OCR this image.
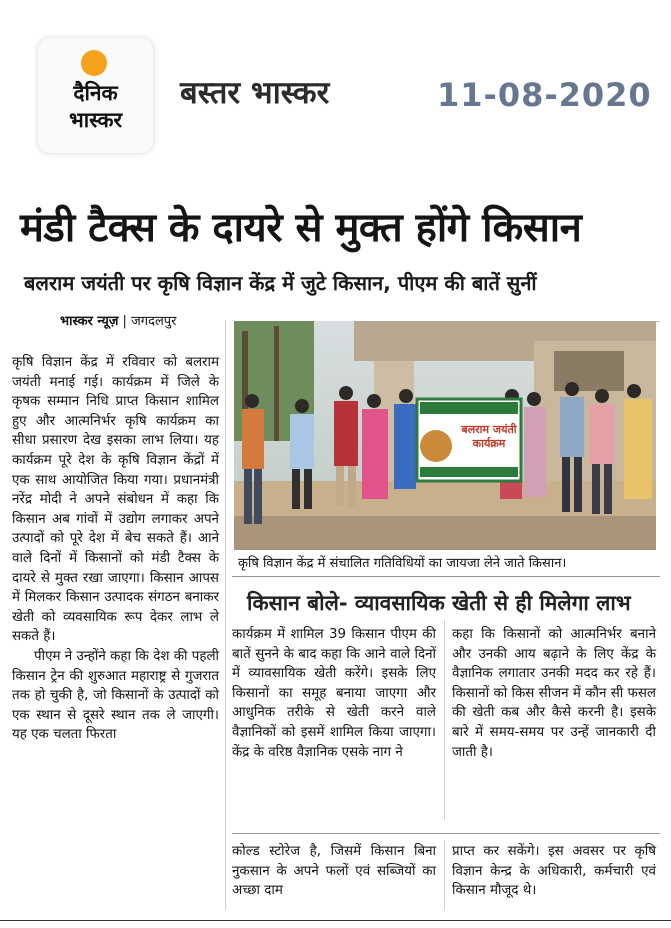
दैनिक
भास्कर
बस्तर भास्कर	11-08-2020
मंडी टैक्स के दायरे से मुक्त होंगे किसान
बलराम जयंती पर कृषि विज्ञान केंद्र में जुटे किसान, पीएम की बातें सुनीं
भास्कर न्यूज़ | जगदलपुर

कृषि विज्ञान केंद्र में रविवार को बलराम जयंती मनाई गई। कार्यक्रम में जिले के कृषक सम्मान निधि प्राप्त किसान शामिल हुए और आत्मनिर्भर कृषि कार्यक्रम का सीधा प्रसारण देख इसका लाभ लिया। यह कार्यक्रम पूरे देश के कृषि विज्ञान केंद्रों में एक साथ आयोजित किया गया। प्रधानमंत्री नरेंद्र मोदी ने अपने संबोधन में कहा कि किसान अब गांवों में उद्योग लगाकर अपने उत्पादों को पूरे देश में बेच सकते हैं। आने वाले दिनों में किसानों को मंडी टैक्स के दायरे से मुक्त रखा जाएगा। किसान आपस में मिलकर किसान उत्पादक संगठन बनाकर खेती को व्यवसायिक रूप देकर लाभ ले सकते हैं।

पीएम ने उन्होंने कहा कि देश की पहली किसान ट्रेन की शुरुआत महाराष्ट्र से गुजरात तक हो चुकी है, जो किसानों के उत्पादों को एक स्थान से दूसरे स्थान तक ले जाएगी। यह एक चलता फिरता

बलराम जयंती कार्यक्रम
कृषि विज्ञान केंद्र में संचालित गतिविधियों का जायजा लेने जाते किसान।
किसान बोले- व्यावसायिक खेती से ही मिलेगा लाभ
कार्यक्रम में शामिल 39 किसान पीएम की बातें सुनने के बाद कहा कि आने वाले दिनों में व्यावसायिक खेती करेंगे। इसके लिए किसानों का समूह बनाया जाएगा और आधुनिक तरीके से खेती करने वाले वैज्ञानिकों को इसमें शामिल किया जाएगा। केंद्र के वरिष्ठ वैज्ञानिक एसके नाग ने
कहा कि किसानों को आत्मनिर्भर बनाने और उनकी आय बढ़ाने के लिए केंद्र के वैज्ञानिक लगातार उनकी मदद कर रहे हैं। किसानों को किस सीजन में कौन सी फसल की खेती कब और कैसे करनी है। इसके बारे में समय-समय पर उन्हें जानकारी दी जाती है।
कोल्ड स्टोरेज है, जिसमें किसान बिना नुकसान के अपने फलों एवं सब्जियों का अच्छा दाम
प्राप्त कर सकेंगे। इस अवसर पर कृषि विज्ञान केन्द्र के अधिकारी, कर्मचारी एवं किसान मौजूद थे।
